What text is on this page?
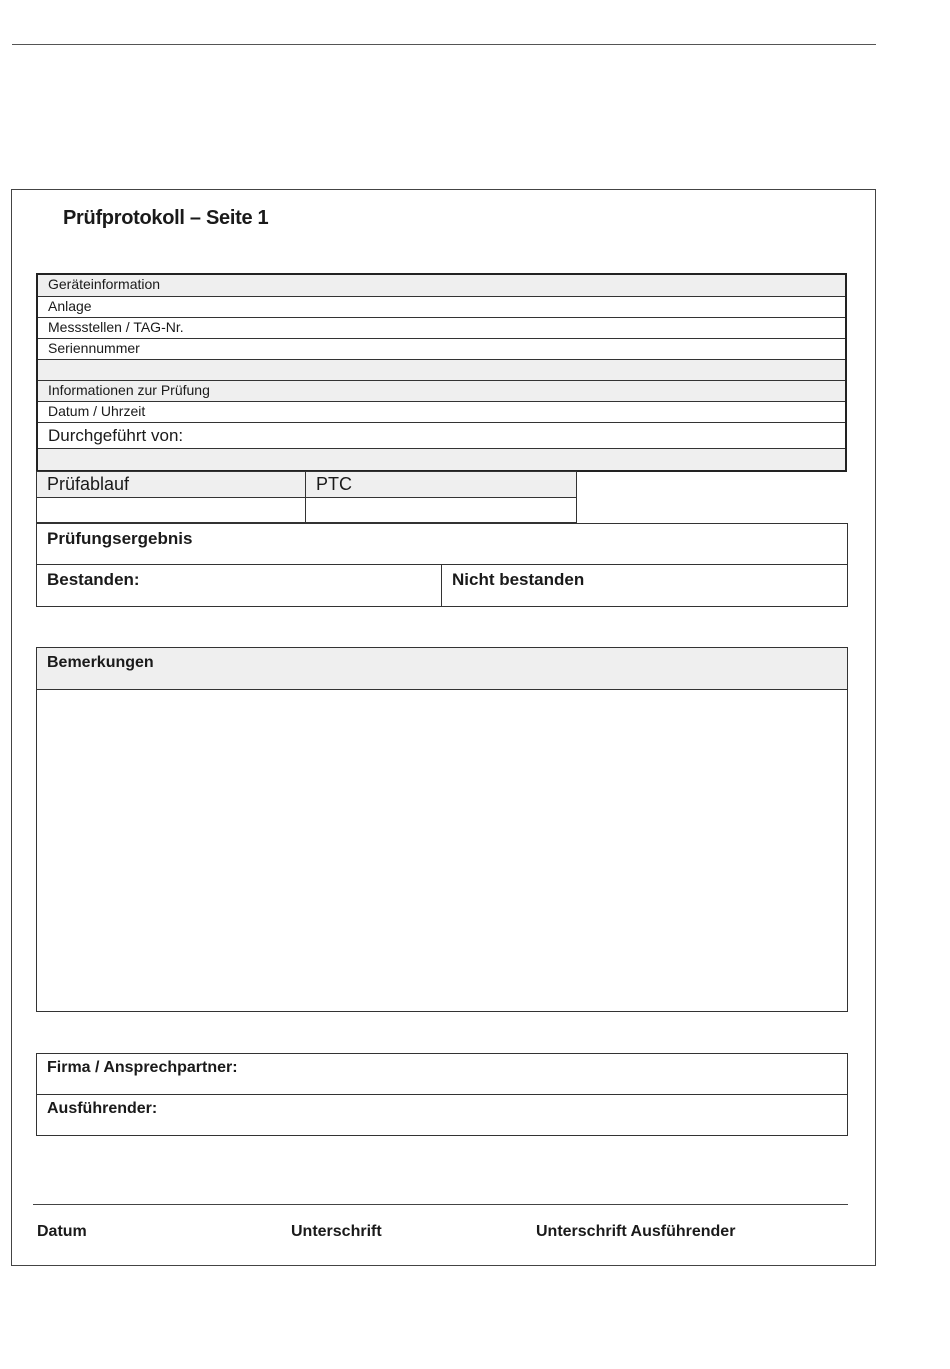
Prüfprotokoll – Seite 1
Geräteinformation
Anlage
Messstellen / TAG-Nr.
Seriennummer
Informationen zur Prüfung
Datum / Uhrzeit
Durchgeführt von:
Prüfablauf	PTC
Prüfungsergebnis
Bestanden:	Nicht bestanden
Bemerkungen
Firma / Ansprechpartner:
Ausführender:
Datum	Unterschrift	Unterschrift Ausführender
